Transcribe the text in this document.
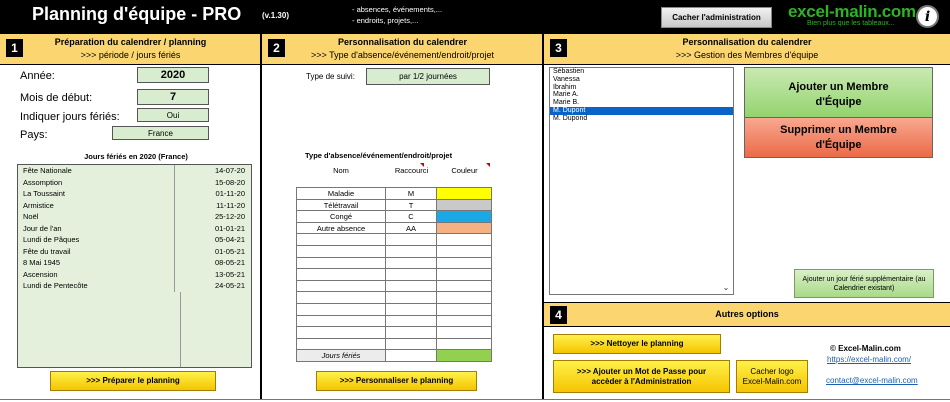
Planning d'équipe - PRO	(v.1.30)
- absences, événements,...
- endroits, projets,...	Cacher l'administration	excel-malin.com
Bien plus que les tableaux...	i
Préparation du calendrer / planning
>>> période / jours fériés
1	Personnalisation du calendrer
>>> Type d'absence/événement/endroit/projet
2	Personnalisation du calendrer
>>> Gestion des Membres d'équipe
3
Année:	2020
Mois de début:	7
Indiquer jours fériés:	Oui
Pays:	France
Jours fériés en 2020 (France)
Fête Nationale	14-07-20
Assomption	15-08-20
La Toussaint	01-11-20
Armistice	11-11-20
Noël	25-12-20
Jour de l'an	01-01-21
Lundi de Pâques	05-04-21
Fête du travail	01-05-21
8 Mai 1945	08-05-21
Ascension	13-05-21
Lundi de Pentecôte	24-05-21
>>> Préparer le planning
Type de suivi:	par 1/2 journées
Type d'absence/événement/endroit/projet
Nom	Raccourci	Couleur
Maladie	M
Télétravail	T
Congé	C
Autre absence	AA
Jours fériés
>>> Personnaliser le planning
Sébastien
Vanessa
Ibrahim
Marie A.
Marie B.
M. Dupont
M. Dupond
⌄
Ajouter un Membre d'Équipe
Supprimer un Membre d'Équipe
Ajouter un jour férié supplémentaire (au Calendrier existant)
4	Autres options
>>> Nettoyer le planning
>>> Ajouter un Mot de Passe pour accèder à l'Administration
Cacher logo Excel-Malin.com
© Excel-Malin.com
https://excel-malin.com/
contact@excel-malin.com
